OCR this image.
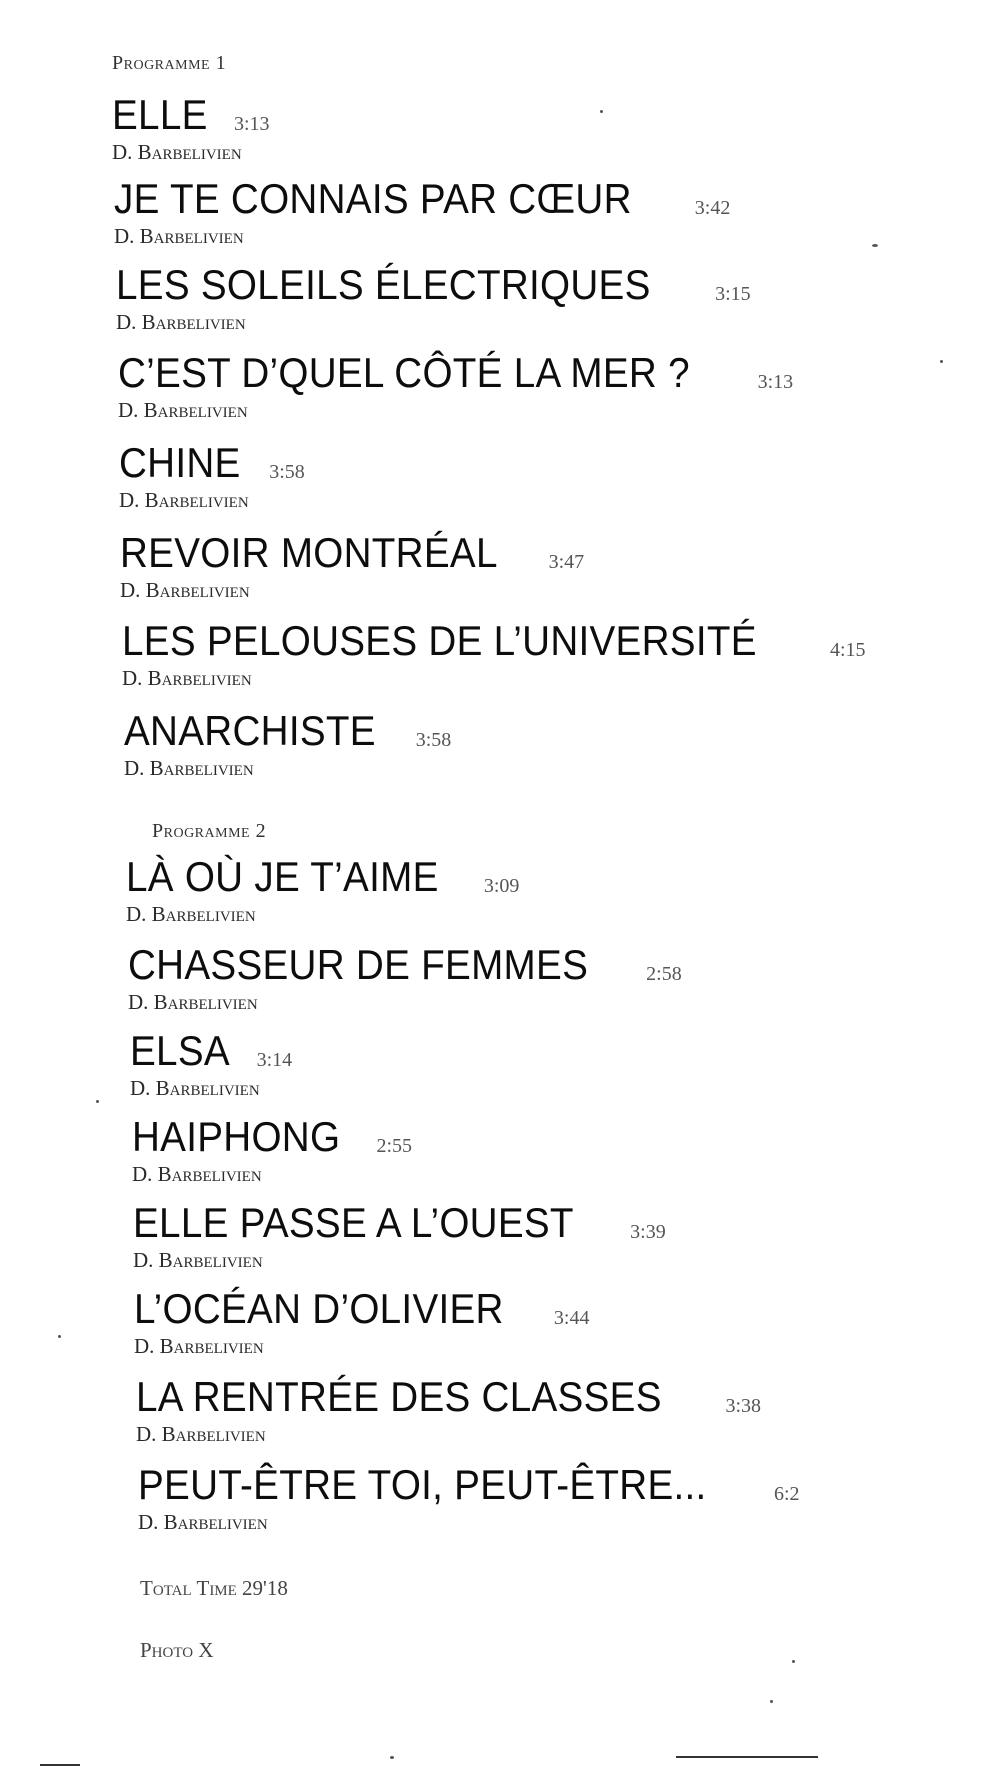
Programme 1
ELLE 3:13
D. Barbelivien
JE TE CONNAIS PAR CŒUR	3:42
D. Barbelivien
LES SOLEILS ÉLECTRIQUES	3:15
D. Barbelivien
C’EST D’QUEL CÔTÉ LA MER ?	3:13
D. Barbelivien
CHINE 3:58
D. Barbelivien
REVOIR MONTRÉAL	3:47
D. Barbelivien
LES PELOUSES DE L’UNIVERSITÉ	4:15
D. Barbelivien
ANARCHISTE 3:58
D. Barbelivien
Programme 2
LÀ OÙ JE T’AIME 3:09
D. Barbelivien
CHASSEUR DE FEMMES	2:58
D. Barbelivien
ELSA 3:14
D. Barbelivien
HAIPHONG 2:55
D. Barbelivien
ELLE PASSE A L’OUEST	3:39
D. Barbelivien
L’OCÉAN D’OLIVIER	3:44
D. Barbelivien
LA RENTRÉE DES CLASSES	3:38
D. Barbelivien
PEUT-ÊTRE TOI, PEUT-ÊTRE...	6:2
D. Barbelivien
Total Time 29'18
Photo X
